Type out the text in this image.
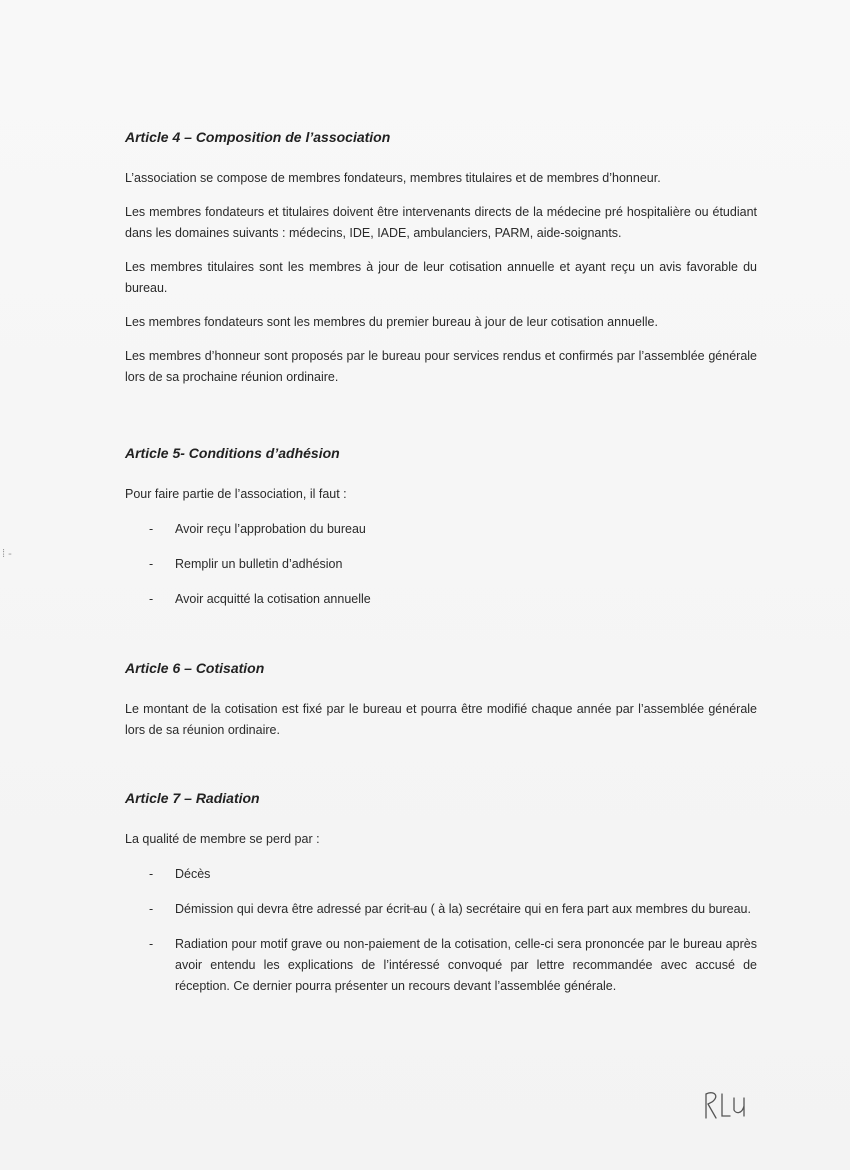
⁞ ‐
Article 4 – Composition de l’association

L’association se compose de membres fondateurs, membres titulaires et de membres d’honneur.

Les membres fondateurs et titulaires doivent être intervenants directs de la médecine pré hospitalière ou étudiant dans les domaines suivants : médecins, IDE, IADE, ambulanciers, PARM, aide-soignants.

Les membres titulaires sont les membres à jour de leur cotisation annuelle et ayant reçu un avis favorable du bureau.

Les membres fondateurs sont les membres du premier bureau à jour de leur cotisation annuelle.

Les membres d’honneur sont proposés par le bureau pour services rendus et confirmés par l’assemblée générale lors de sa prochaine réunion ordinaire.

Article 5- Conditions d’adhésion

Pour faire partie de l’association, il faut :

- Avoir reçu l’approbation du bureau
- Remplir un bulletin d’adhésion
- Avoir acquitté la cotisation annuelle
Article 6 – Cotisation

Le montant de la cotisation est fixé par le bureau et pourra être modifié chaque année par l’assemblée générale lors de sa réunion ordinaire.

Article 7 – Radiation

La qualité de membre se perd par :

- Décès
- Démission qui devra être adressé par écrit au ( à la) secrétaire qui en fera part aux membres du bureau.
- Radiation pour motif grave ou non-paiement de la cotisation, celle-ci sera prononcée par le bureau après avoir entendu les explications de l’intéressé convoqué par lettre recommandée avec accusé de réception. Ce dernier pourra présenter un recours devant l’assemblée générale.
